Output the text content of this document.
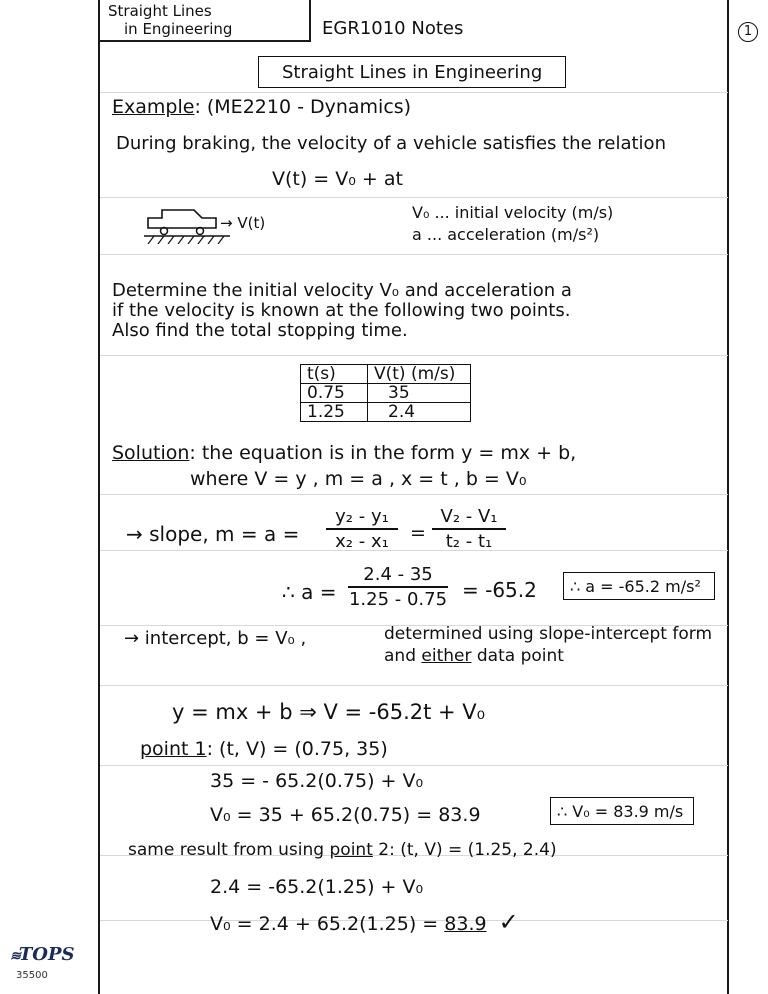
Straight Lines
in Engineering	EGR1010 Notes	1
Straight Lines in Engineering
Example: (ME2210 - Dynamics)
During braking, the velocity of a vehicle satisfies the relation
V(t) = V₀ + at
→ V(t)
V₀ ... initial velocity (m/s)
a ... acceleration (m/s²)
Determine the initial velocity V₀ and acceleration a
if the velocity is known at the following two points.
Also find the total stopping time.
t(s)	V(t) (m/s)
0.75	35
1.25	2.4
Solution: the equation is in the form y = mx + b,
where V = y , m = a , x = t , b = V₀
→ slope, m = a =
y₂ - y₁
x₂ - x₁	=
V₂ - V₁
t₂ - t₁
∴ a =
2.4 - 35
1.25 - 0.75 = -65.2 ∴ a = -65.2 m/s²
→ intercept, b = V₀ ,	determined using slope-intercept form
and either data point
y = mx + b ⇒ V = -65.2t + V₀
point 1: (t, V) = (0.75, 35)
35 = - 65.2(0.75) + V₀
V₀ = 35 + 65.2(0.75) = 83.9	∴ V₀ = 83.9 m/s
same result from using point 2: (t, V) = (1.25, 2.4)
2.4 = -65.2(1.25) + V₀
V₀ = 2.4 + 65.2(1.25) = 83.9 ✓
≋TOPS
35500
